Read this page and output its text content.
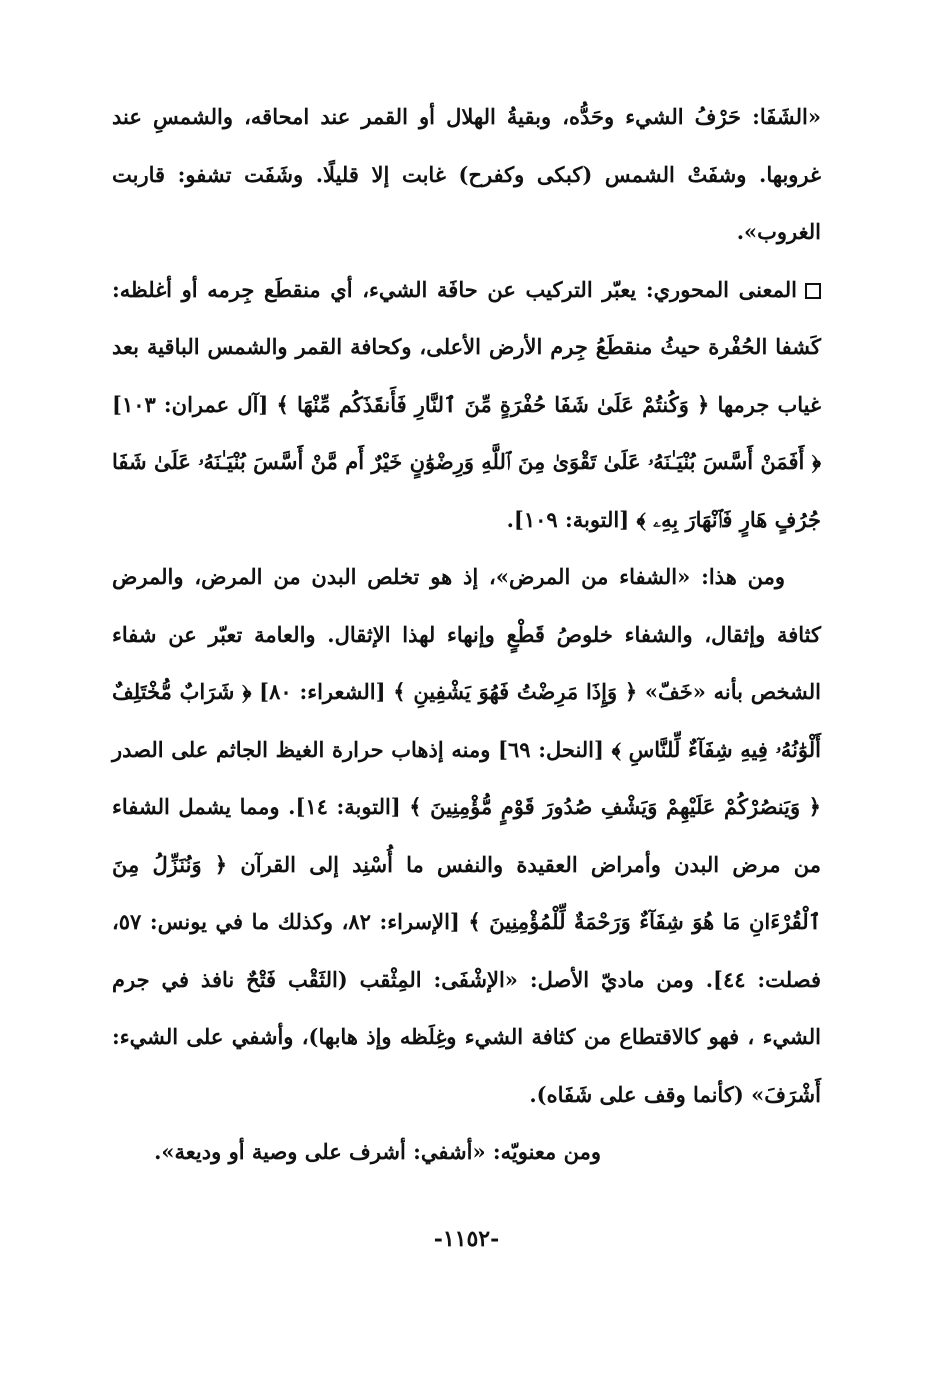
«الشَفَا: حَرْفُ الشيء وحَدُّه، وبقيةُ الهلال أو القمر عند امحاقه، والشمسِ عند غروبها. وشفَتْ الشمس (كبكى وكفرح) غابت إلا قليلًا. وشَفَت تشفو: قاربت الغروب».

المعنى المحوري: يعبّر التركيب عن حافَة الشيء، أي منقطَع جِرمه أو أغلظه: كَشفا الحُفْرة حيثُ منقطَعُ جِرم الأرض الأعلى، وكحافة القمر والشمس الباقية بعد غياب جرمها ﴿ وَكُنتُمْ عَلَىٰ شَفَا حُفْرَةٍ مِّنَ ٱلنَّارِ فَأَنقَذَكُم مِّنْهَا ﴾ [آل عمران: ١٠٣] ﴿ أَفَمَنْ أَسَّسَ بُنْيَـٰنَهُۥ عَلَىٰ تَقْوَىٰ مِنَ ٱللَّهِ وَرِضْوَٰنٍ خَيْرٌ أَم مَّنْ أَسَّسَ بُنْيَـٰنَهُۥ عَلَىٰ شَفَا جُرُفٍ هَارٍ فَٱنْهَارَ بِهِۦ ﴾ [التوبة: ١٠٩].

ومن هذا: «الشفاء من المرض»، إذ هو تخلص البدن من المرض، والمرض كثافة وإثقال، والشفاء خلوصُ قَطْعٍ وإنهاء لهذا الإثقال. والعامة تعبّر عن شفاء الشخص بأنه «خَفّ» ﴿ وَإِذَا مَرِضْتُ فَهُوَ يَشْفِينِ ﴾ [الشعراء: ٨٠] ﴿ شَرَابٌ مُّخْتَلِفٌ أَلْوَٰنُهُۥ فِيهِ شِفَآءٌ لِّلنَّاسِ ﴾ [النحل: ٦٩] ومنه إذهاب حرارة الغيظ الجاثم على الصدر ﴿ وَيَنصُرْكُمْ عَلَيْهِمْ وَيَشْفِ صُدُورَ قَوْمٍ مُّؤْمِنِينَ ﴾ [التوبة: ١٤]. ومما يشمل الشفاء من مرض البدن وأمراض العقيدة والنفس ما أُسْنِد إلى القرآن ﴿ وَنُنَزِّلُ مِنَ ٱلْقُرْءَانِ مَا هُوَ شِفَآءٌ وَرَحْمَةٌ لِّلْمُؤْمِنِينَ ﴾ [الإسراء: ٨٢، وكذلك ما في يونس: ٥٧، فصلت: ٤٤]. ومن ماديّ الأصل: «الإشْفَى: المِثْقب (الثَقْب فَتْحٌ نافذ في جرم الشيء ، فهو كالاقتطاع من كثافة الشيء وغِلَظه وإذ هابها)، وأشفي على الشيء: أَشْرَفَ» (كأنما وقف على شَفَاه).

ومن معنويّه: «أشفي: أشرف على وصية أو وديعة».

-١١٥٢-
